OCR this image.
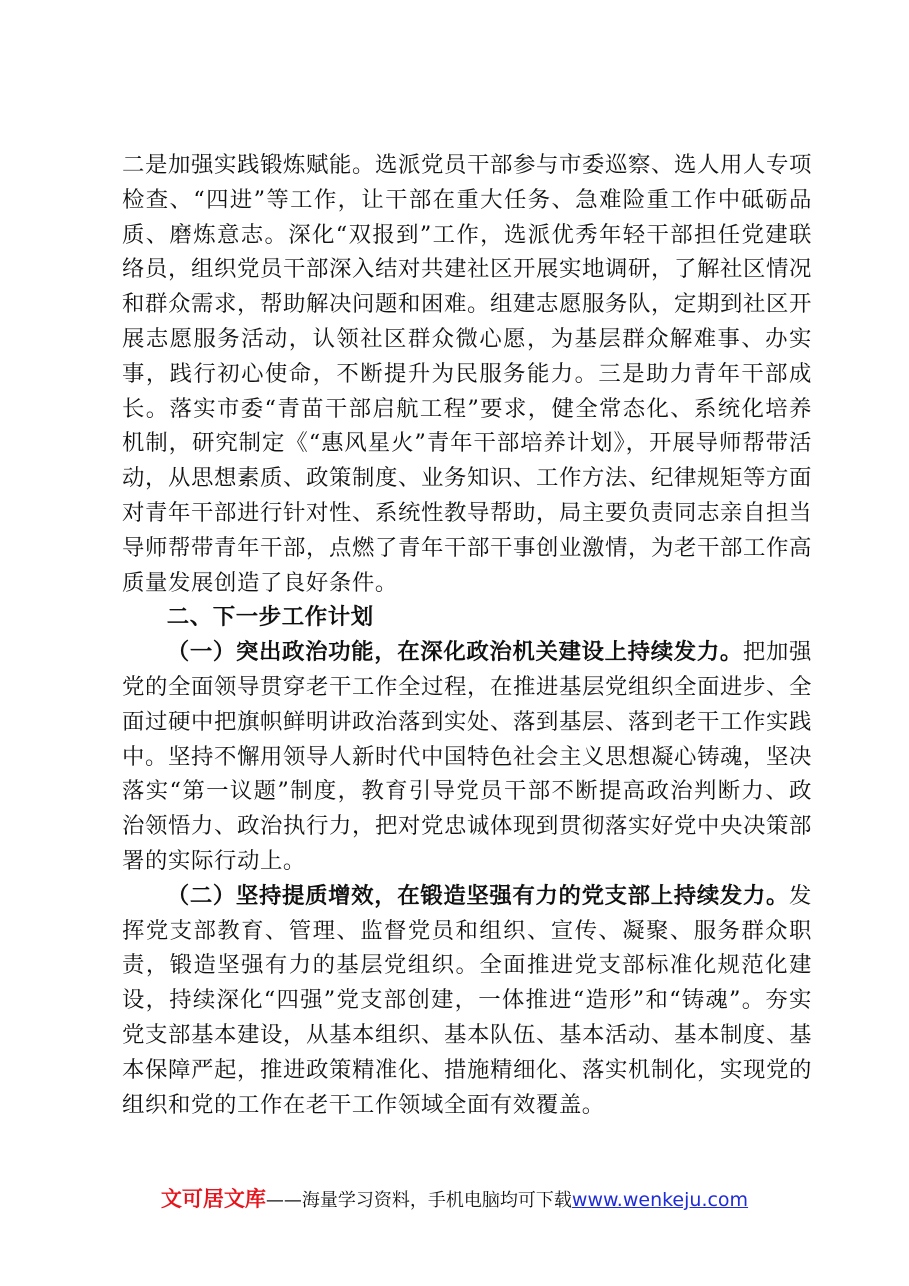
二是加强实践锻炼赋能。选派党员干部参与市委巡察、选人用人专项检查、“四进”等工作，让干部在重大任务、急难险重工作中砥砺品质、磨炼意志。深化“双报到”工作，选派优秀年轻干部担任党建联络员，组织党员干部深入结对共建社区开展实地调研，了解社区情况和群众需求，帮助解决问题和困难。组建志愿服务队，定期到社区开展志愿服务活动，认领社区群众微心愿，为基层群众解难事、办实事，践行初心使命，不断提升为民服务能力。三是助力青年干部成长。落实市委“青苗干部启航工程”要求，健全常态化、系统化培养机制，研究制定《“惠风星火”青年干部培养计划》，开展导师帮带活动，从思想素质、政策制度、业务知识、工作方法、纪律规矩等方面对青年干部进行针对性、系统性教导帮助，局主要负责同志亲自担当导师帮带青年干部，点燃了青年干部干事创业激情，为老干部工作高质量发展创造了良好条件。

二、下一步工作计划

（一）突出政治功能，在深化政治机关建设上持续发力。把加强党的全面领导贯穿老干工作全过程，在推进基层党组织全面进步、全面过硬中把旗帜鲜明讲政治落到实处、落到基层、落到老干工作实践中。坚持不懈用领导人新时代中国特色社会主义思想凝心铸魂，坚决落实“第一议题”制度，教育引导党员干部不断提高政治判断力、政治领悟力、政治执行力，把对党忠诚体现到贯彻落实好党中央决策部署的实际行动上。

（二）坚持提质增效，在锻造坚强有力的党支部上持续发力。发挥党支部教育、管理、监督党员和组织、宣传、凝聚、服务群众职责，锻造坚强有力的基层党组织。全面推进党支部标准化规范化建设，持续深化“四强”党支部创建，一体推进“造形”和“铸魂”。夯实党支部基本建设，从基本组织、基本队伍、基本活动、基本制度、基本保障严起，推进政策精准化、措施精细化、落实机制化，实现党的组织和党的工作在老干工作领域全面有效覆盖。

文可居文库——海量学习资料，手机电脑均可下载www.wenkeju.com
